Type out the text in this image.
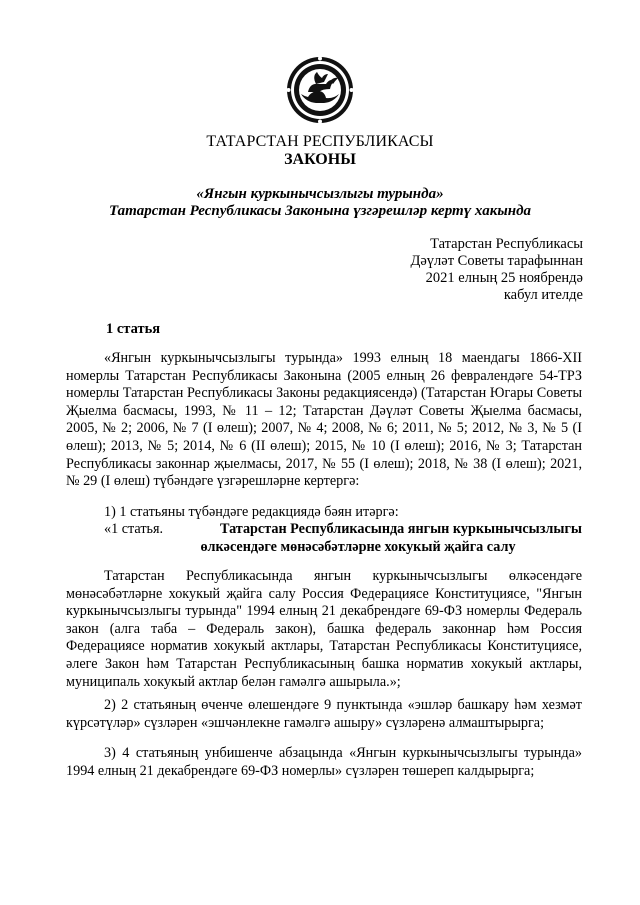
ТАТАРСТАН РЕСПУБЛИКАСЫ
ЗАКОНЫ
«Янгын куркынычсызлыгы турында»
Татарстан Республикасы Законына үзгәрешләр кертү хакында
Татарстан Республикасы
Дәүләт Советы тарафыннан
2021 елның 25 ноябрендә
кабул ителде
1 статья

«Янгын куркынычсызлыгы турында» 1993 елның 18 маендагы 1866-XII номерлы Татарстан Республикасы Законына (2005 елның 26 февралендәге 54-ТРЗ номерлы Татарстан Республикасы Законы редакциясендә) (Татарстан Югары Советы Җыелма басмасы, 1993, № 11 – 12; Татарстан Дәүләт Советы Җыелма басмасы, 2005, № 2; 2006, № 7 (I өлеш); 2007, № 4; 2008, № 6; 2011, № 5; 2012, № 3, № 5 (I өлеш); 2013, № 5; 2014, № 6 (II өлеш); 2015, № 10 (I өлеш); 2016, № 3; Татарстан Республикасы законнар җыелмасы, 2017, № 55 (I өлеш); 2018, № 38 (I өлеш); 2021, № 29 (I өлеш) түбәндәге үзгәрешләрне кертергә:

1) 1 статьяны түбәндәге редакциядә бәян итәргә:

«1 статья.	Татарстан Республикасында янгын куркынычсызлыгы
өлкәсендәге мөнәсәбәтләрне хокукый җайга салу

Татарстан Республикасында янгын куркынычсызлыгы өлкәсендәге мөнәсәбәтләрне хокукый җайга салу Россия Федерациясе Конституциясе, "Янгын куркынычсызлыгы турында" 1994 елның 21 декабрендәге 69-ФЗ номерлы Федераль закон (алга таба – Федераль закон), башка федераль законнар һәм Россия Федерациясе норматив хокукый актлары, Татарстан Республикасы Конституциясе, әлеге Закон һәм Татарстан Республикасының башка норматив хокукый актлары, муниципаль хокукый актлар белән гамәлгә ашырыла.»;

2) 2 статьяның өченче өлешендәге 9 пунктында «эшләр башкару һәм хезмәт күрсәтүләр» сүзләрен «эшчәнлекне гамәлгә ашыру» сүзләренә алмаштырырга;

3) 4 статьяның унбишенче абзацында «Янгын куркынычсызлыгы турында» 1994 елның 21 декабрендәге 69-ФЗ номерлы» сүзләрен төшереп калдырырга;
